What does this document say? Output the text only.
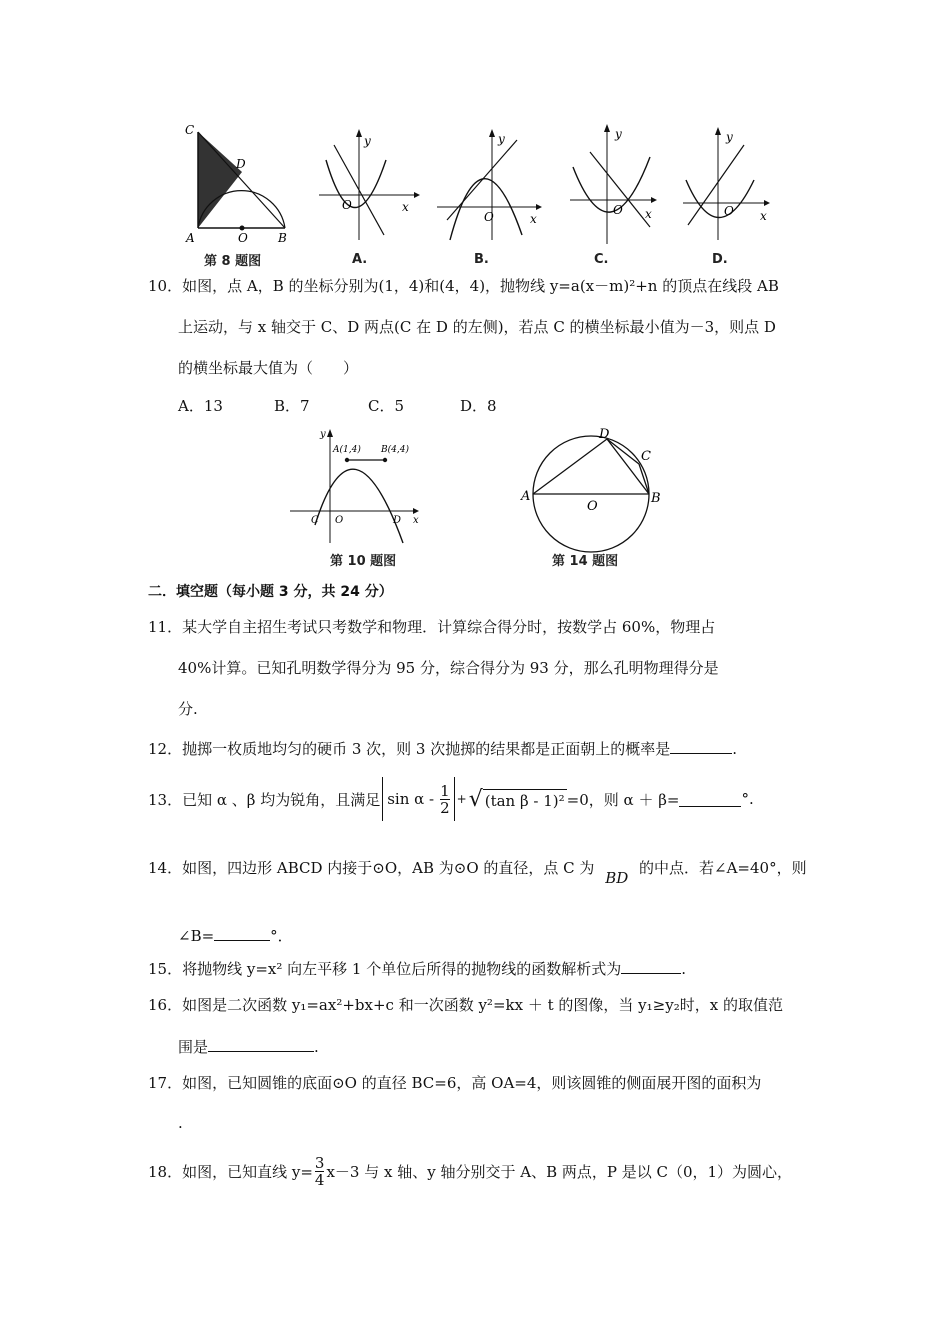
C
D
A	O	B
第 8 题图
y
x
O
A.
y
x
O
B.
y
x
O
C.
y
x
O
D.
10．如图，点 A，B 的坐标分别为(1，4)和(4，4)，抛物线 y=a(x－m)²+n 的顶点在线段 AB
上运动，与 x 轴交于 C、D 两点(C 在 D 的左侧)，若点 C 的横坐标最小值为－3，则点 D
的横坐标最大值为（　　）
A．13	B．7	C．5	D．8
y
A(1,4) B(4,4)
C O	D x
第 10 题图
A	B
C
D
O
第 14 题图
二．填空题（每小题 3 分，共 24 分）
11．某大学自主招生考试只考数学和物理．计算综合得分时，按数学占 60%，物理占
40%计算。已知孔明数学得分为 95 分，综合得分为 93 分，那么孔明物理得分是
分.
12．抛掷一枚质地均匀的硬币 3 次，则 3 次抛掷的结果都是正面朝上的概率是	.
13．已知 α 、β 均为锐角，且满足 sin α - $\frac{1}{2}$ + √ (tan β - 1)² =0，则 α ＋ β=	°.
14．如图，四边形 ABCD 内接于⊙O，AB 为⊙O 的直径，点 C 为 BD 的中点．若∠A=40°，则
∠B=	°．
15．将抛物线 y=x² 向左平移 1 个单位后所得的抛物线的函数解析式为	.
16．如图是二次函数 y₁=ax²+bx+c 和一次函数 y²=kx ＋ t 的图像，当 y₁≥y₂时，x 的取值范
围是	.
17．如图，已知圆锥的底面⊙O 的直径 BC=6，高 OA=4，则该圆锥的侧面展开图的面积为
.
18．如图，已知直线 $y= \frac{3}{4} x-3$ 与 x 轴、y 轴分别交于 A、B 两点，P 是以 C（0，1）为圆心，
